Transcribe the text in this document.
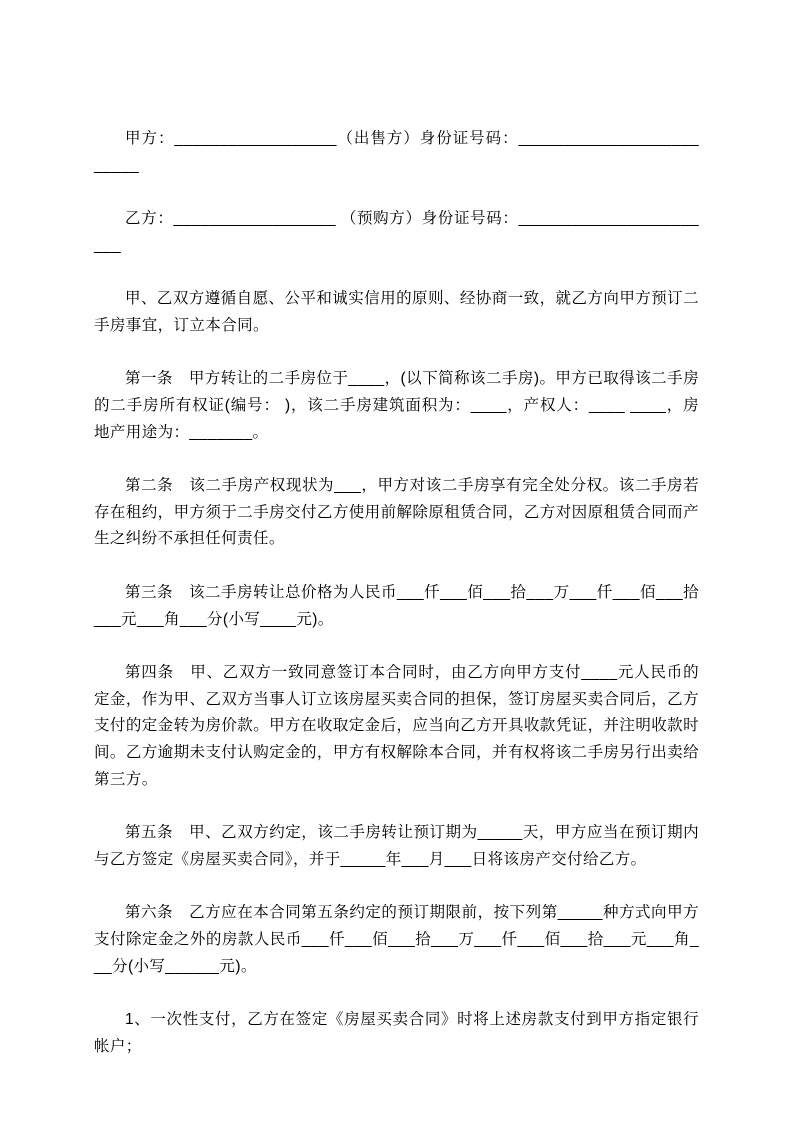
甲方：__________________（出售方）身份证号码：_________________________

乙方：__________________ （预购方）身份证号码：_______________________

甲、乙双方遵循自愿、公平和诚实信用的原则、经协商一致，就乙方向甲方预订二手房事宜，订立本合同。

第一条　甲方转让的二手房位于____，(以下简称该二手房)。甲方已取得该二手房的二手房所有权证(编号： )，该二手房建筑面积为：____，产权人：____ ____，房地产用途为：_______。

第二条　该二手房产权现状为___，甲方对该二手房享有完全处分权。该二手房若存在租约，甲方须于二手房交付乙方使用前解除原租赁合同，乙方对因原租赁合同而产生之纠纷不承担任何责任。

第三条　该二手房转让总价格为人民币___仟___佰___拾___万___仟___佰___拾___元___角___分(小写____元)。

第四条　甲、乙双方一致同意签订本合同时，由乙方向甲方支付____元人民币的定金，作为甲、乙双方当事人订立该房屋买卖合同的担保，签订房屋买卖合同后，乙方支付的定金转为房价款。甲方在收取定金后，应当向乙方开具收款凭证，并注明收款时间。乙方逾期未支付认购定金的，甲方有权解除本合同，并有权将该二手房另行出卖给第三方。

第五条　甲、乙双方约定，该二手房转让预订期为_____天，甲方应当在预订期内与乙方签定《房屋买卖合同》，并于_____年___月___日将该房产交付给乙方。

第六条　乙方应在本合同第五条约定的预订期限前，按下列第_____种方式向甲方支付除定金之外的房款人民币___仟___佰___拾___万___仟___佰___拾___元___角___分(小写______元)。

1、一次性支付，乙方在签定《房屋买卖合同》时将上述房款支付到甲方指定银行帐户；
